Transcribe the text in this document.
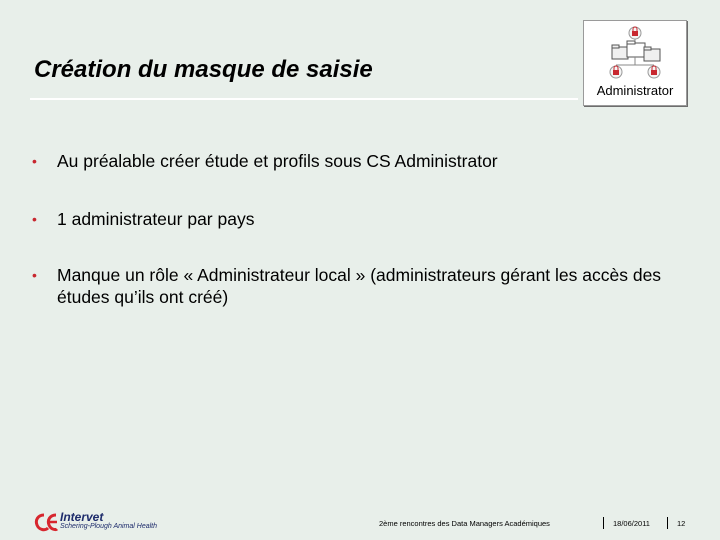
Création du masque de saisie
Administrator
• Au préalable créer étude et profils sous CS Administrator
• 1 administrateur par pays
• Manque un rôle « Administrateur local » (administrateurs gérant les accès des études qu’ils ont créé)
Intervet
Schering-Plough Animal Health	2ème rencontres des Data Managers Académiques	18/06/2011	12
